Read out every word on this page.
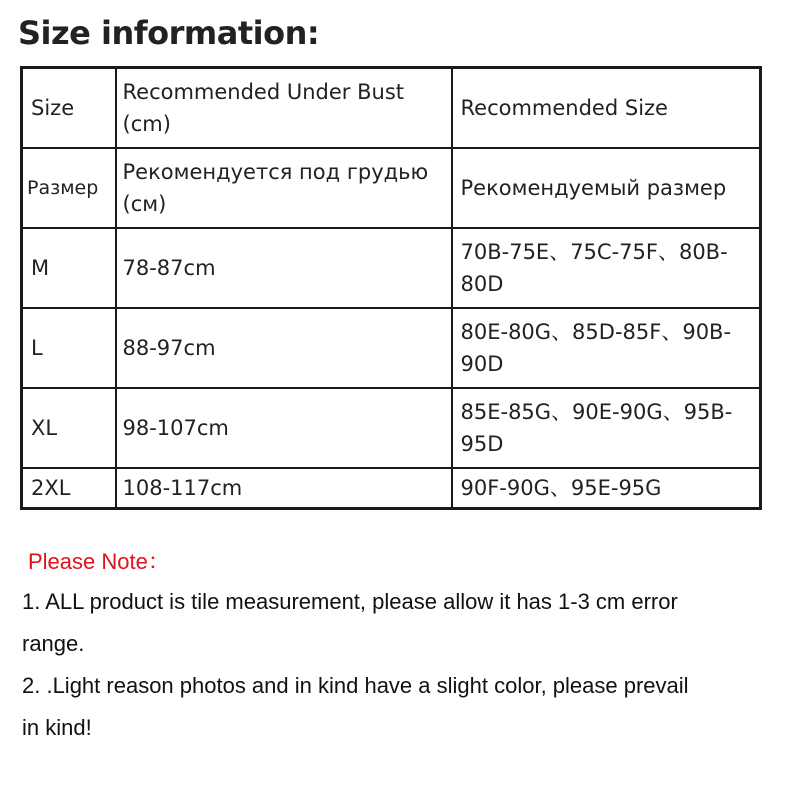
Size information:
Size	Recommended Under Bust (cm)	Recommended Size
Размер	Рекомендуется под грудью (см)	Рекомендуемый размер
M	78-87cm	70B-75E、75C-75F、80B-80D
L	88-97cm	80E-80G、85D-85F、90B-90D
XL	98-107cm	85E-85G、90E-90G、95B-95D
2XL	108-117cm	90F-90G、95E-95G

Please Note：

1. ALL product is tile measurement, please allow it has 1-3 cm error

range.

2. .Light reason photos and in kind have a slight color, please prevail

in kind!
